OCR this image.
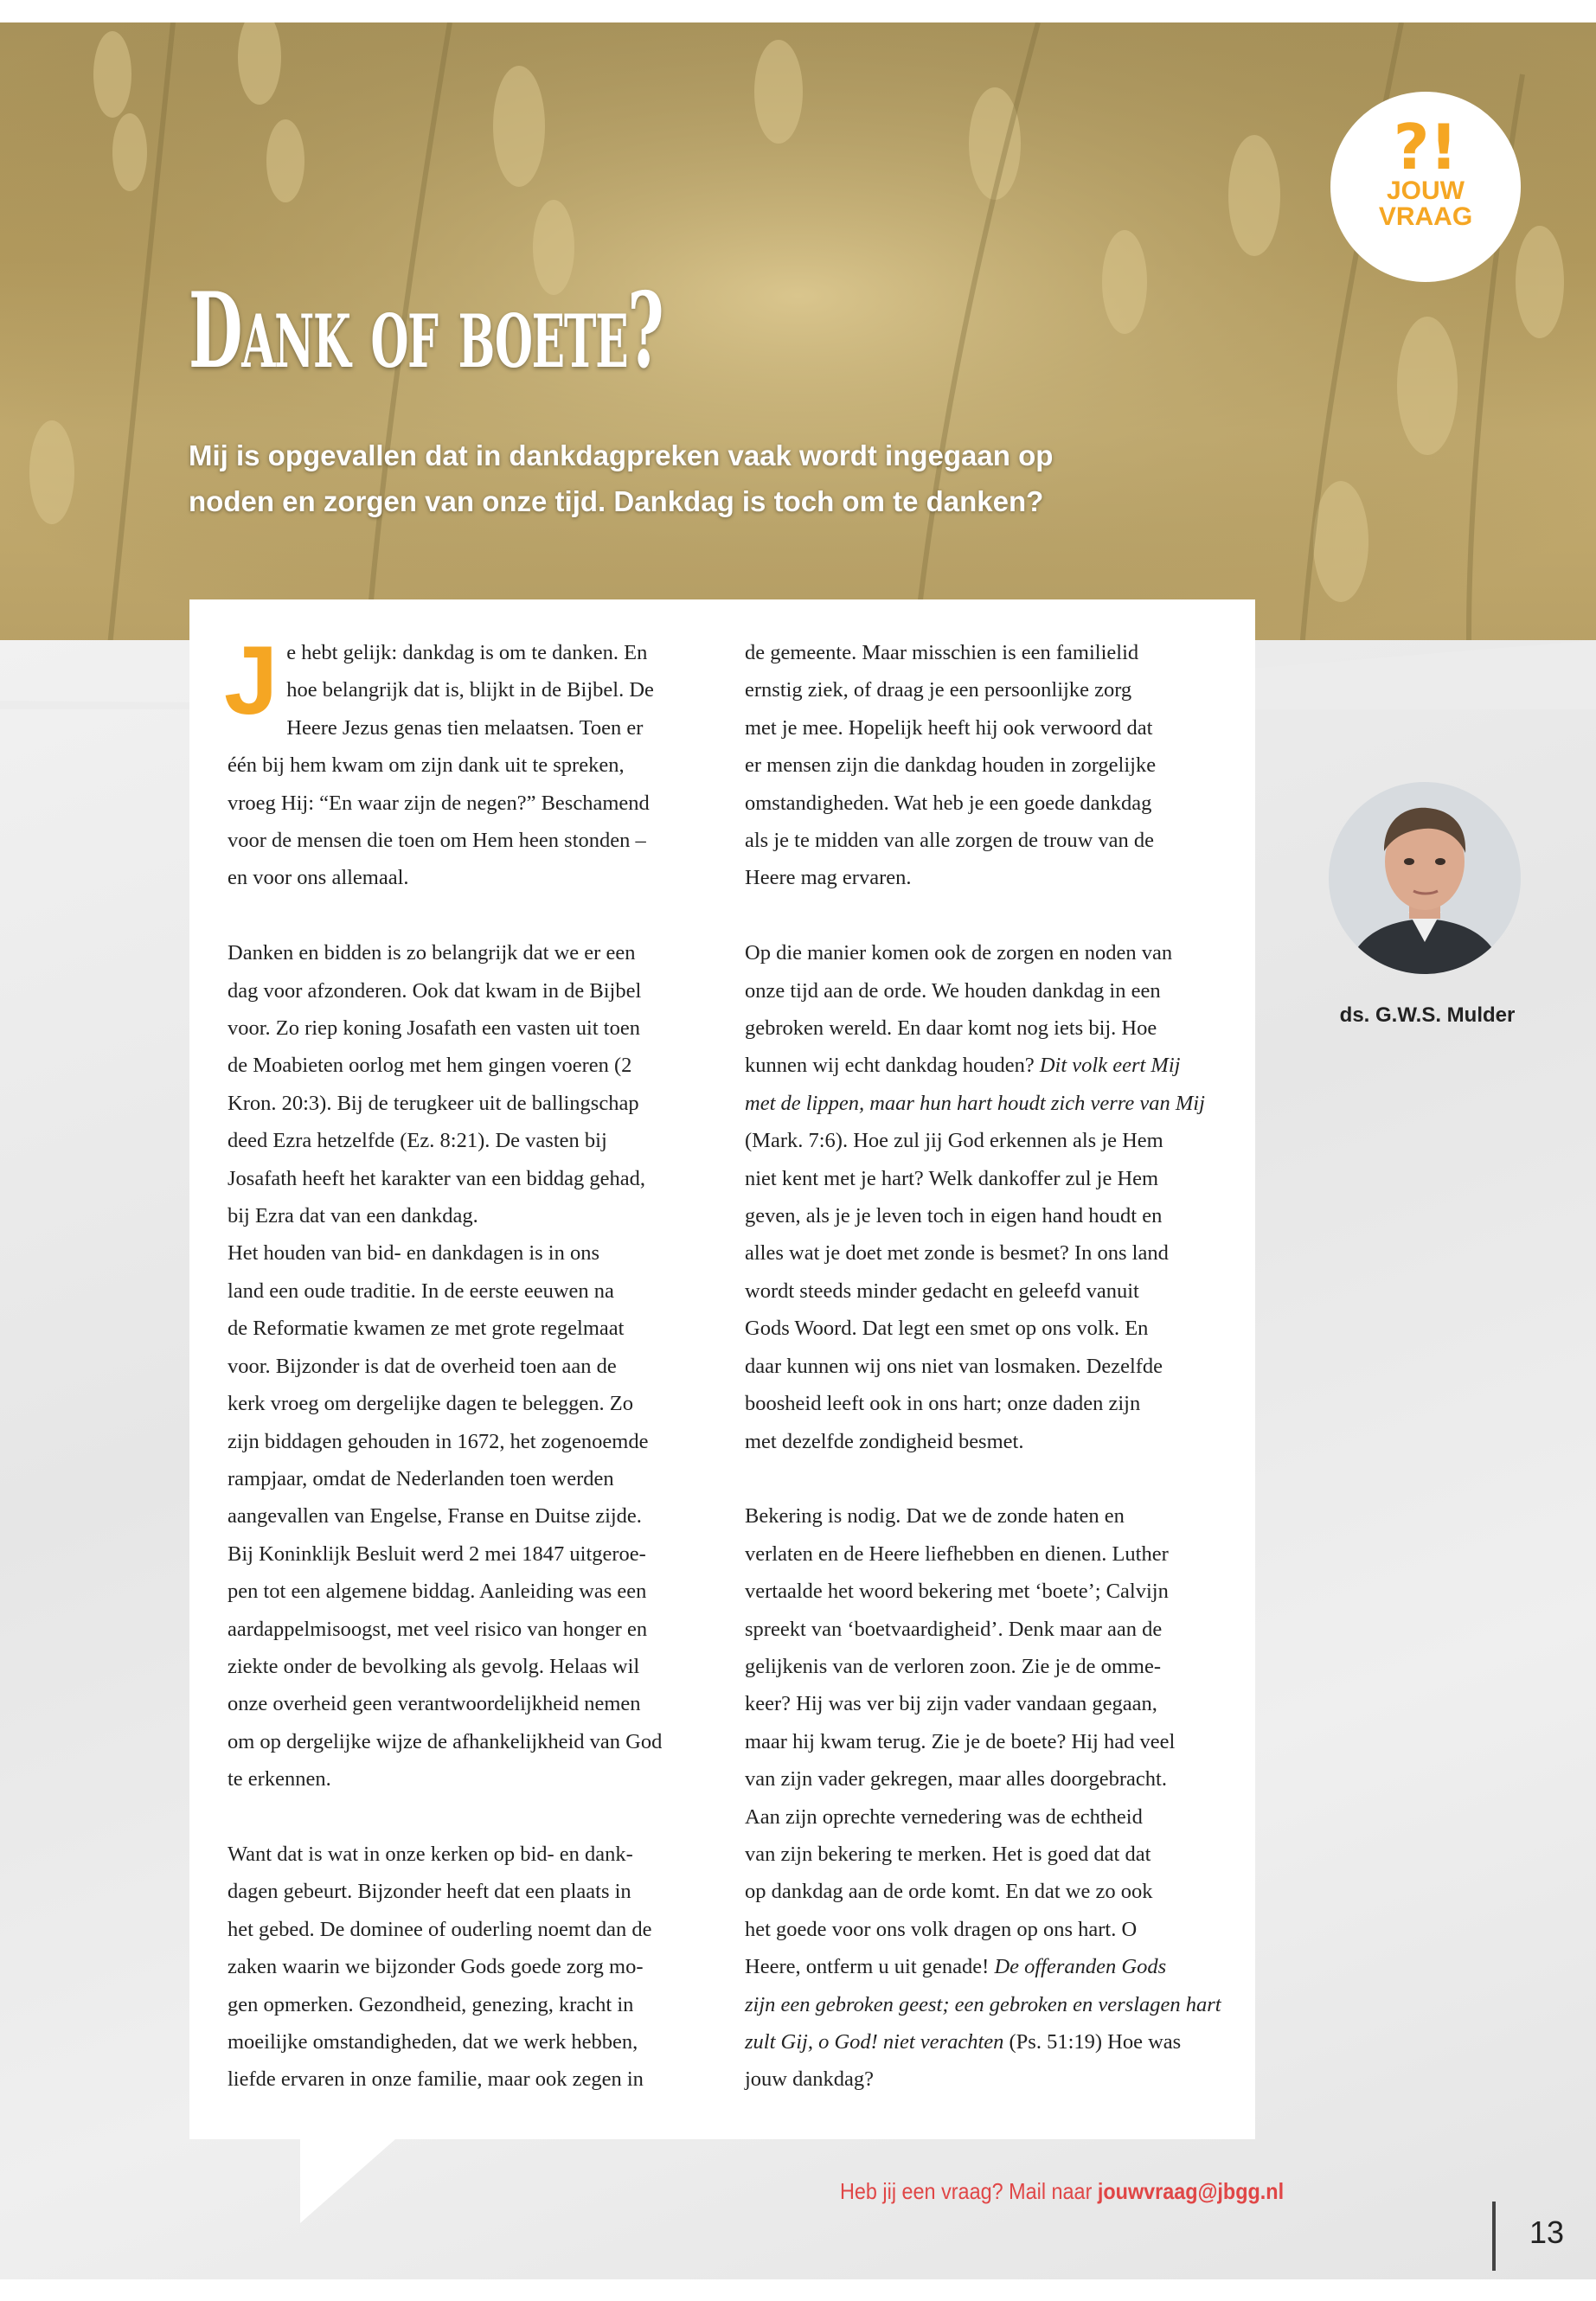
?!
JOUW
VRAAG
Dank of boete?
Mij is opgevallen dat in dankdagpreken vaak wordt ingegaan op
noden en zorgen van onze tijd. Dankdag is toch om te danken?
J e hebt gelijk: dankdag is om te danken. En

hoe belangrijk dat is, blijkt in de Bijbel. De

Heere Jezus genas tien melaatsen. Toen er

één bij hem kwam om zijn dank uit te spreken,

vroeg Hij: “En waar zijn de negen?” Beschamend

voor de mensen die toen om Hem heen stonden –

en voor ons allemaal.

Danken en bidden is zo belangrijk dat we er een

dag voor afzonderen. Ook dat kwam in de Bijbel

voor. Zo riep koning Josafath een vasten uit toen

de Moabieten oorlog met hem gingen voeren (2

Kron. 20:3). Bij de terugkeer uit de ballingschap

deed Ezra hetzelfde (Ez. 8:21). De vasten bij

Josafath heeft het karakter van een biddag gehad,

bij Ezra dat van een dankdag.

Het houden van bid- en dankdagen is in ons

land een oude traditie. In de eerste eeuwen na

de Reformatie kwamen ze met grote regelmaat

voor. Bijzonder is dat de overheid toen aan de

kerk vroeg om dergelijke dagen te beleggen. Zo

zijn biddagen gehouden in 1672, het zogenoemde

rampjaar, omdat de Nederlanden toen werden

aangevallen van Engelse, Franse en Duitse zijde.

Bij Koninklijk Besluit werd 2 mei 1847 uitgeroe-

pen tot een algemene biddag. Aanleiding was een

aardappelmisoogst, met veel risico van honger en

ziekte onder de bevolking als gevolg. Helaas wil

onze overheid geen verantwoordelijkheid nemen

om op dergelijke wijze de afhankelijkheid van God

te erkennen.

Want dat is wat in onze kerken op bid- en dank-

dagen gebeurt. Bijzonder heeft dat een plaats in

het gebed. De dominee of ouderling noemt dan de

zaken waarin we bijzonder Gods goede zorg mo-

gen opmerken. Gezondheid, genezing, kracht in

moeilijke omstandigheden, dat we werk hebben,

liefde ervaren in onze familie, maar ook zegen in

de gemeente. Maar misschien is een familielid

ernstig ziek, of draag je een persoonlijke zorg

met je mee. Hopelijk heeft hij ook verwoord dat

er mensen zijn die dankdag houden in zorgelijke

omstandigheden. Wat heb je een goede dankdag

als je te midden van alle zorgen de trouw van de

Heere mag ervaren.

Op die manier komen ook de zorgen en noden van

onze tijd aan de orde. We houden dankdag in een

gebroken wereld. En daar komt nog iets bij. Hoe

kunnen wij echt dankdag houden? Dit volk eert Mij

met de lippen, maar hun hart houdt zich verre van Mij

(Mark. 7:6). Hoe zul jij God erkennen als je Hem

niet kent met je hart? Welk dankoffer zul je Hem

geven, als je je leven toch in eigen hand houdt en

alles wat je doet met zonde is besmet? In ons land

wordt steeds minder gedacht en geleefd vanuit

Gods Woord. Dat legt een smet op ons volk. En

daar kunnen wij ons niet van losmaken. Dezelfde

boosheid leeft ook in ons hart; onze daden zijn

met dezelfde zondigheid besmet.

Bekering is nodig. Dat we de zonde haten en

verlaten en de Heere liefhebben en dienen. Luther

vertaalde het woord bekering met ‘boete’; Calvijn

spreekt van ‘boetvaardigheid’. Denk maar aan de

gelijkenis van de verloren zoon. Zie je de omme-

keer? Hij was ver bij zijn vader vandaan gegaan,

maar hij kwam terug. Zie je de boete? Hij had veel

van zijn vader gekregen, maar alles doorgebracht.

Aan zijn oprechte vernedering was de echtheid

van zijn bekering te merken. Het is goed dat dat

op dankdag aan de orde komt. En dat we zo ook

het goede voor ons volk dragen op ons hart. O

Heere, ontferm u uit genade! De offeranden Gods

zijn een gebroken geest; een gebroken en verslagen hart

zult Gij, o God! niet verachten (Ps. 51:19) Hoe was

jouw dankdag?

ds. G.W.S. Mulder
Heb jij een vraag? Mail naar jouwvraag@jbgg.nl
13
